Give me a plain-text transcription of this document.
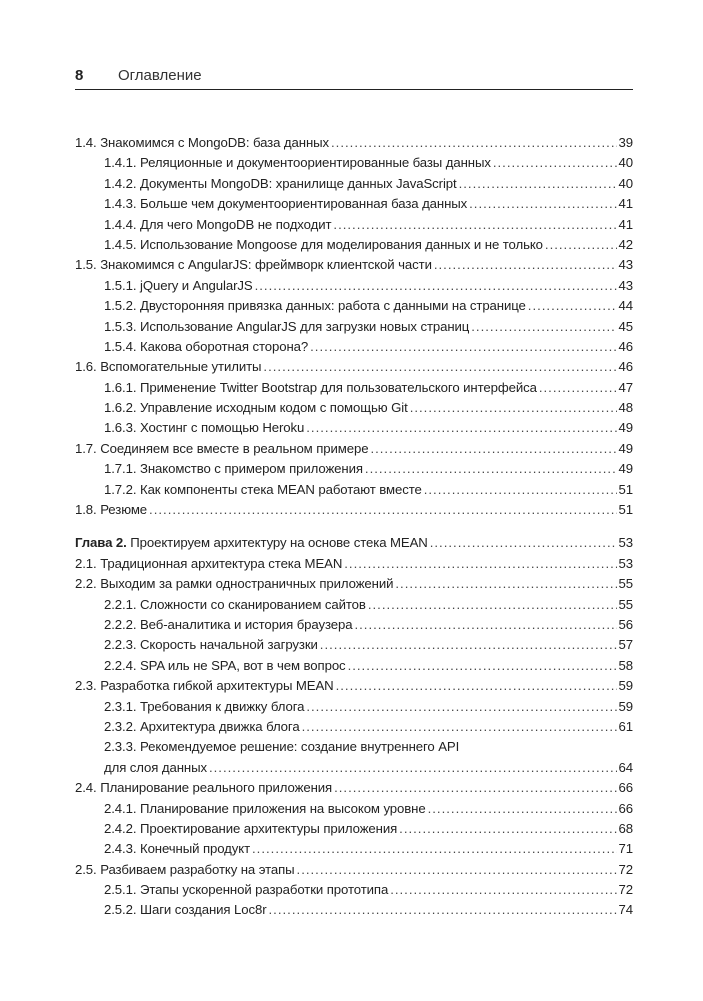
8 Оглавление
1.4. Знакомимся с MongoDB: база данных .....	39
1.4.1. Реляционные и документоориентированные базы данных .....	40
1.4.2. Документы MongoDB: хранилище данных JavaScript .....	40
1.4.3. Больше чем документоориентированная база данных .....	41
1.4.4. Для чего MongoDB не подходит .....	41
1.4.5. Использование Mongoose для моделирования данных и не только .....	42
1.5. Знакомимся с AngularJS: фреймворк клиентской части .....	43
1.5.1. jQuery и AngularJS .....	43
1.5.2. Двусторонняя привязка данных: работа с данными на странице .....	44
1.5.3. Использование AngularJS для загрузки новых страниц .....	45
1.5.4. Какова оборотная сторона? .....	46
1.6. Вспомогательные утилиты .....	46
1.6.1. Применение Twitter Bootstrap для пользовательского интерфейса .....	47
1.6.2. Управление исходным кодом с помощью Git .....	48
1.6.3. Хостинг с помощью Heroku .....	49
1.7. Соединяем все вместе в реальном примере .....	49
1.7.1. Знакомство с примером приложения .....	49
1.7.2. Как компоненты стека MEAN работают вместе .....	51
1.8. Резюме .....	51
Глава 2. Проектируем архитектуру на основе стека MEAN .....	53
2.1. Традиционная архитектура стека MEAN .....	53
2.2. Выходим за рамки одностраничных приложений .....	55
2.2.1. Сложности со сканированием сайтов .....	55
2.2.2. Веб-аналитика и история браузера .....	56
2.2.3. Скорость начальной загрузки .....	57
2.2.4. SPA иль не SPA, вот в чем вопрос .....	58
2.3. Разработка гибкой архитектуры MEAN .....	59
2.3.1. Требования к движку блога .....	59
2.3.2. Архитектура движка блога .....	61
2.3.3. Рекомендуемое решение: создание внутреннего API
для слоя данных .....	64
2.4. Планирование реального приложения .....	66
2.4.1. Планирование приложения на высоком уровне .....	66
2.4.2. Проектирование архитектуры приложения .....	68
2.4.3. Конечный продукт .....	71
2.5. Разбиваем разработку на этапы .....	72
2.5.1. Этапы ускоренной разработки прототипа .....	72
2.5.2. Шаги создания Loc8r .....	74
